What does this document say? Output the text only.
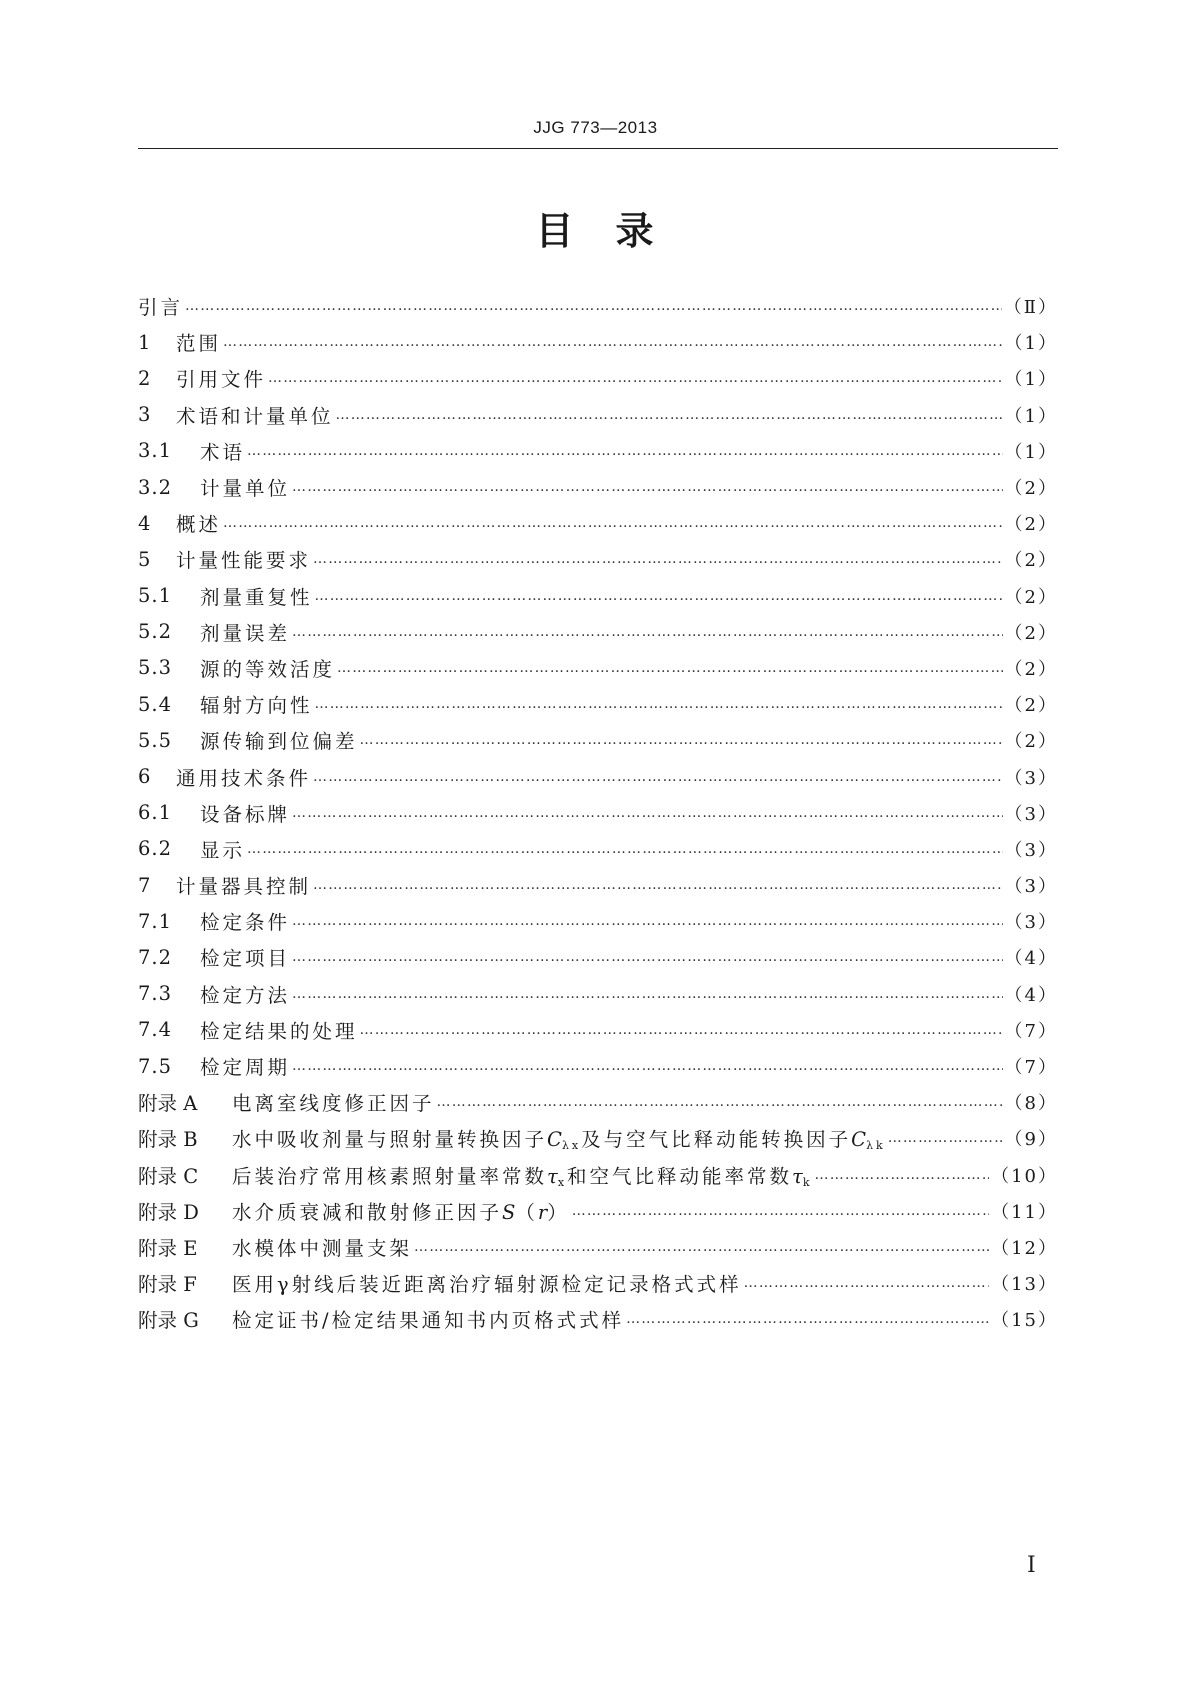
JJG 773—2013
目　录
引言 ……………………………………………………………………………………………………………………………………………………………………………………………………	（Ⅱ）
1	范围 ……………………………………………………………………………………………………………………………………………………………………………………………………	（1）
2	引用文件 ……………………………………………………………………………………………………………………………………………………………………………………………………	（1）
3	术语和计量单位 ……………………………………………………………………………………………………………………………………………………………………………………………………	（1）
3.1	术语 ……………………………………………………………………………………………………………………………………………………………………………………………………	（1）
3.2	计量单位 ……………………………………………………………………………………………………………………………………………………………………………………………………	（2）
4	概述 ……………………………………………………………………………………………………………………………………………………………………………………………………	（2）
5	计量性能要求 ……………………………………………………………………………………………………………………………………………………………………………………………………	（2）
5.1	剂量重复性 ……………………………………………………………………………………………………………………………………………………………………………………………………	（2）
5.2	剂量误差 ……………………………………………………………………………………………………………………………………………………………………………………………………	（2）
5.3	源的等效活度 ……………………………………………………………………………………………………………………………………………………………………………………………………	（2）
5.4	辐射方向性 ……………………………………………………………………………………………………………………………………………………………………………………………………	（2）
5.5	源传输到位偏差 ……………………………………………………………………………………………………………………………………………………………………………………………………	（2）
6	通用技术条件 ……………………………………………………………………………………………………………………………………………………………………………………………………	（3）
6.1	设备标牌 ……………………………………………………………………………………………………………………………………………………………………………………………………	（3）
6.2	显示 ……………………………………………………………………………………………………………………………………………………………………………………………………	（3）
7	计量器具控制 ……………………………………………………………………………………………………………………………………………………………………………………………………	（3）
7.1	检定条件 ……………………………………………………………………………………………………………………………………………………………………………………………………	（3）
7.2	检定项目 ……………………………………………………………………………………………………………………………………………………………………………………………………	（4）
7.3	检定方法 ……………………………………………………………………………………………………………………………………………………………………………………………………	（4）
7.4	检定结果的处理 ……………………………………………………………………………………………………………………………………………………………………………………………………	（7）
7.5	检定周期 ……………………………………………………………………………………………………………………………………………………………………………………………………	（7）
附录 A	电离室线度修正因子 ……………………………………………………………………………………………………………………………………………………………………………………………………	（8）
附录 B	水中吸收剂量与照射量转换因子Cλx及与空气比释动能转换因子Cλk ……………………………………………………………………………………………………………………………………………………………………………………………………	（9）
附录 C	后装治疗常用核素照射量率常数τx和空气比释动能率常数τk ……………………………………………………………………………………………………………………………………………………………………………………………………	（10）
附录 D	水介质衰减和散射修正因子S（r） ……………………………………………………………………………………………………………………………………………………………………………………………………	（11）
附录 E	水模体中测量支架 ……………………………………………………………………………………………………………………………………………………………………………………………………	（12）
附录 F	医用γ射线后装近距离治疗辐射源检定记录格式式样 ……………………………………………………………………………………………………………………………………………………………………………………………………	（13）
附录 G	检定证书/检定结果通知书内页格式式样 ……………………………………………………………………………………………………………………………………………………………………………………………………	（15）
Ⅰ
